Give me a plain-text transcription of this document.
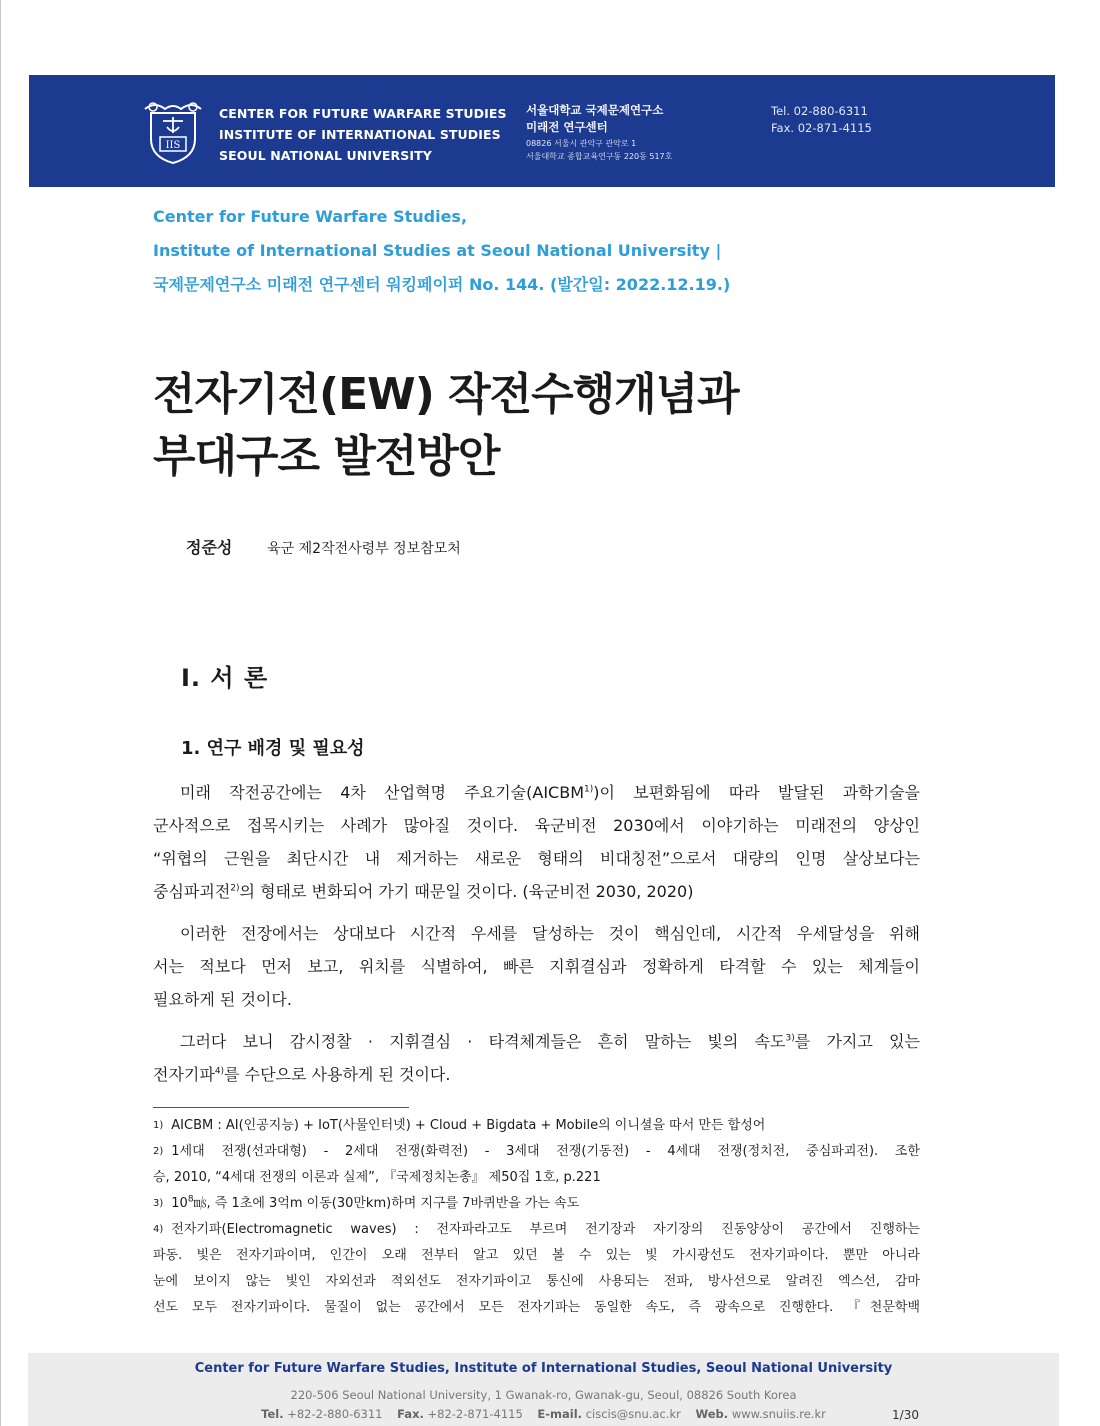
IIS
CENTER FOR FUTURE WARFARE STUDIES
INSTITUTE OF INTERNATIONAL STUDIES
SEOUL NATIONAL UNIVERSITY
서울대학교 국제문제연구소
미래전 연구센터
08826 서울시 관악구 관악로 1
서울대학교 종합교육연구동 220동 517호
Tel. 02-880-6311
Fax. 02-871-4115
Center for Future Warfare Studies,
Institute of International Studies at Seoul National University |
국제문제연구소 미래전 연구센터 워킹페이퍼 No. 144. (발간일: 2022.12.19.)
전자기전(EW) 작전수행개념과
부대구조 발전방안
정준성 육군 제2작전사령부 정보참모처
I. 서 론
1. 연구 배경 및 필요성

미래 작전공간에는 4차 산업혁명 주요기술(AICBM$^{1)}$)이 보편화됨에 따라 발달된 과학기술을

군사적으로 접목시키는 사례가 많아질 것이다. 육군비전 2030에서 이야기하는 미래전의 양상인

“위협의 근원을 최단시간 내 제거하는 새로운 형태의 비대칭전”으로서 대량의 인명 살상보다는

중심파괴전$^{2)}$의 형태로 변화되어 가기 때문일 것이다. (육군비전 2030, 2020)

이러한 전장에서는 상대보다 시간적 우세를 달성하는 것이 핵심인데, 시간적 우세달성을 위해

서는 적보다 먼저 보고, 위치를 식별하여, 빠른 지휘결심과 정확하게 타격할 수 있는 체계들이

필요하게 된 것이다.

그러다 보니 감시정찰 · 지휘결심 · 타격체계들은 흔히 말하는 빛의 속도$^{3)}$를 가지고 있는

전자기파$^{4)}$를 수단으로 사용하게 된 것이다.

$^{1)}$ AICBM : AI(인공지능) + IoT(사물인터넷) + Cloud + Bigdata + Mobile의 이니셜을 따서 만든 합성어

$^{2)}$ 1세대 전쟁(선과대형) - 2세대 전쟁(화력전) - 3세대 전쟁(기동전) - 4세대 전쟁(정치전, 중심파괴전). 조한

승, 2010, “4세대 전쟁의 이론과 실제”, 『국제정치논총』 제50집 1호, p.221

$^{3)}$ $10^8㎧$, 즉 1초에 3억m 이동(30만km)하며 지구를 7바퀴반을 가는 속도

$^{4)}$ 전자기파(Electromagnetic waves) : 전자파라고도 부르며 전기장과 자기장의 진동양상이 공간에서 진행하는

파동. 빛은 전자기파이며, 인간이 오래 전부터 알고 있던 볼 수 있는 빛 가시광선도 전자기파이다. 뿐만 아니라

눈에 보이지 않는 빛인 자외선과 적외선도 전자기파이고 통신에 사용되는 전파, 방사선으로 알려진 엑스선, 감마

선도 모두 전자기파이다. 물질이 없는 공간에서 모든 전자기파는 동일한 속도, 즉 광속으로 진행한다. 『천문학백

Center for Future Warfare Studies, Institute of International Studies, Seoul National University
220-506 Seoul National University, 1 Gwanak-ro, Gwanak-gu, Seoul, 08826 South Korea
Tel. +82-2-880-6311 Fax. +82-2-871-4115 E-mail. ciscis@snu.ac.kr Web. www.snuiis.re.kr	1/30
